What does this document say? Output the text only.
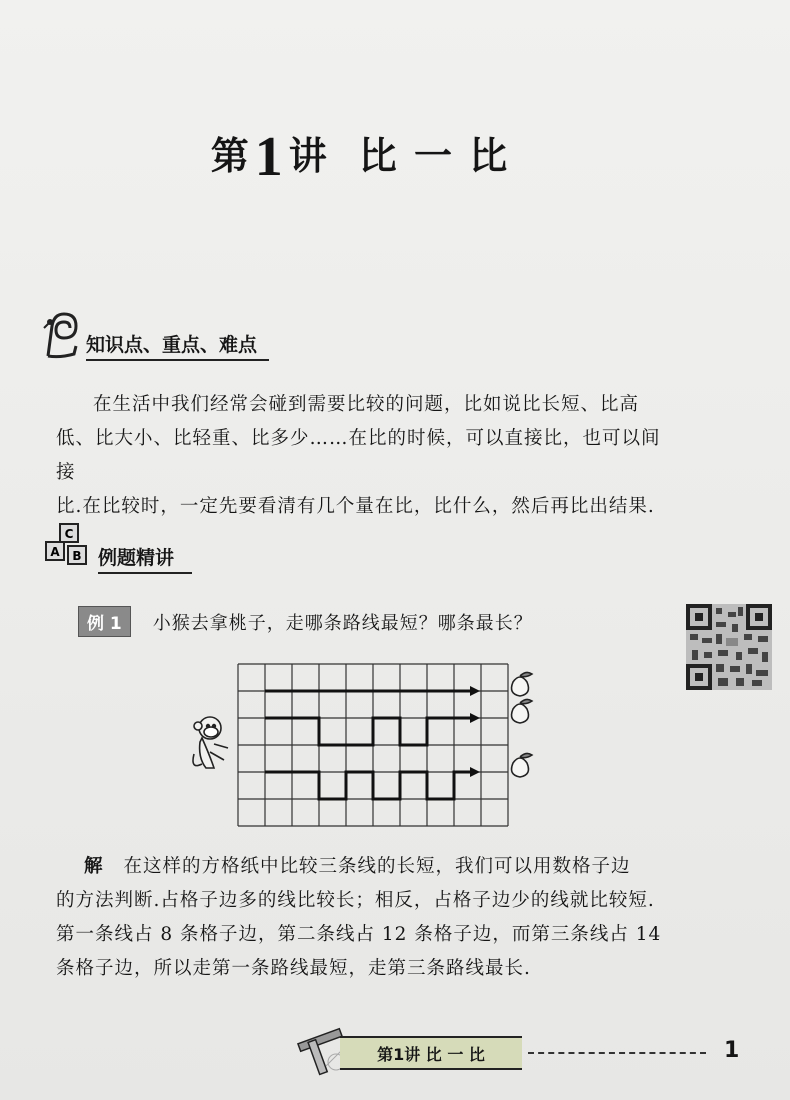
第1 讲 比 一 比
知识点、重点、难点

在生活中我们经常会碰到需要比较的问题，比如说比长短、比高

低、比大小、比轻重、比多少……在比的时候，可以直接比，也可以间接

比.在比较时，一定先要看清有几个量在比，比什么，然后再比出结果.

C
A B 例题精讲
例 1	小猴去拿桃子，走哪条路线最短？哪条最长？

解 在这样的方格纸中比较三条线的长短，我们可以用数格子边

的方法判断.占格子边多的线比较长；相反，占格子边少的线就比较短.

第一条线占 8 条格子边，第二条线占 12 条格子边，而第三条线占 14

条格子边，所以走第一条路线最短，走第三条路线最长.

第1讲 比 一 比	1
